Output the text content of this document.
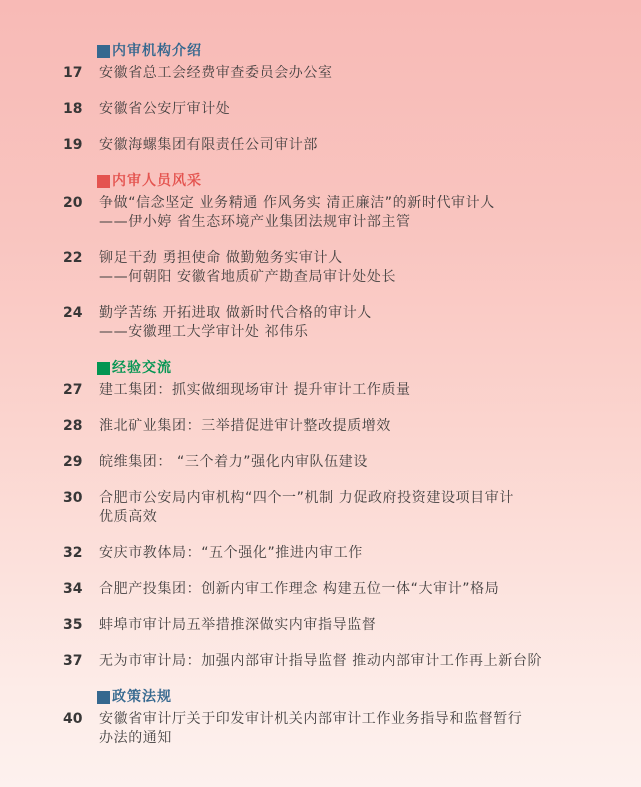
内审机构介绍
17	安徽省总工会经费审查委员会办公室
18	安徽省公安厅审计处
19	安徽海螺集团有限责任公司审计部
内审人员风采
20	争做“信念坚定 业务精通 作风务实 清正廉洁”的新时代审计人
——伊小婷 省生态环境产业集团法规审计部主管
22	铆足干劲 勇担使命 做勤勉务实审计人
——何朝阳 安徽省地质矿产勘查局审计处处长
24	勤学苦练 开拓进取 做新时代合格的审计人
——安徽理工大学审计处 祁伟乐
经验交流
27	建工集团：抓实做细现场审计 提升审计工作质量
28	淮北矿业集团：三举措促进审计整改提质增效
29	皖维集团： “三个着力”强化内审队伍建设
30	合肥市公安局内审机构“四个一”机制 力促政府投资建设项目审计
优质高效
32	安庆市教体局：“五个强化”推进内审工作
34	合肥产投集团：创新内审工作理念 构建五位一体“大审计”格局
35	蚌埠市审计局五举措推深做实内审指导监督
37	无为市审计局：加强内部审计指导监督 推动内部审计工作再上新台阶
政策法规
40	安徽省审计厅关于印发审计机关内部审计工作业务指导和监督暂行
办法的通知
